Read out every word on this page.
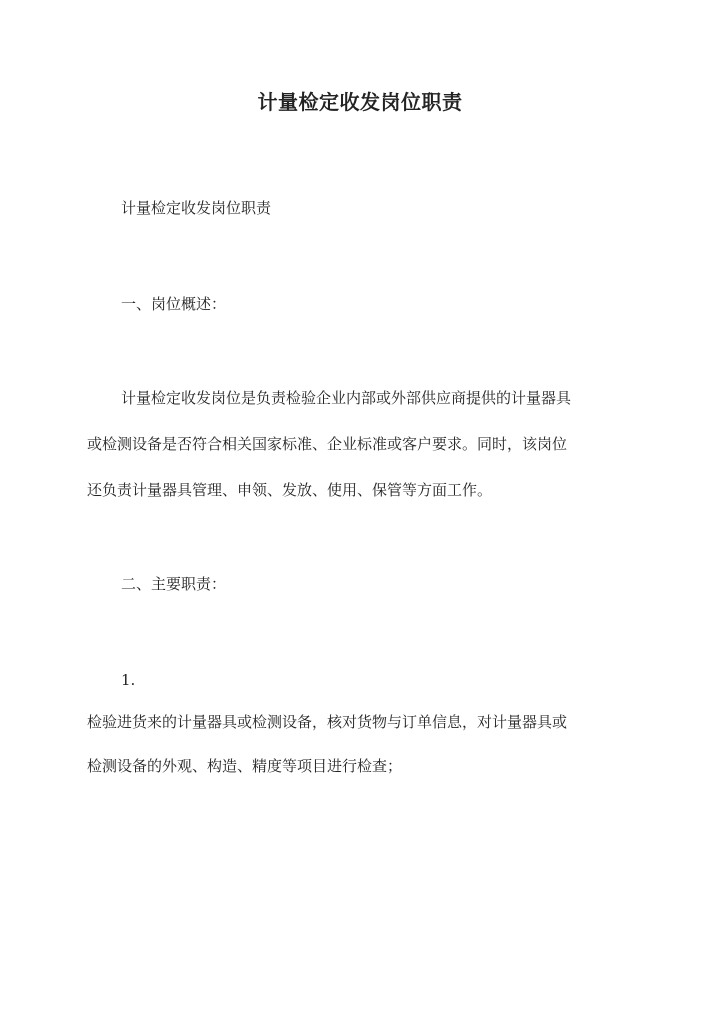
计量检定收发岗位职责
计量检定收发岗位职责
一、岗位概述：
计量检定收发岗位是负责检验企业内部或外部供应商提供的计量器具
或检测设备是否符合相关国家标准、企业标准或客户要求。同时，该岗位
还负责计量器具管理、申领、发放、使用、保管等方面工作。
二、主要职责：
1.
检验进货来的计量器具或检测设备，核对货物与订单信息，对计量器具或
检测设备的外观、构造、精度等项目进行检查；
